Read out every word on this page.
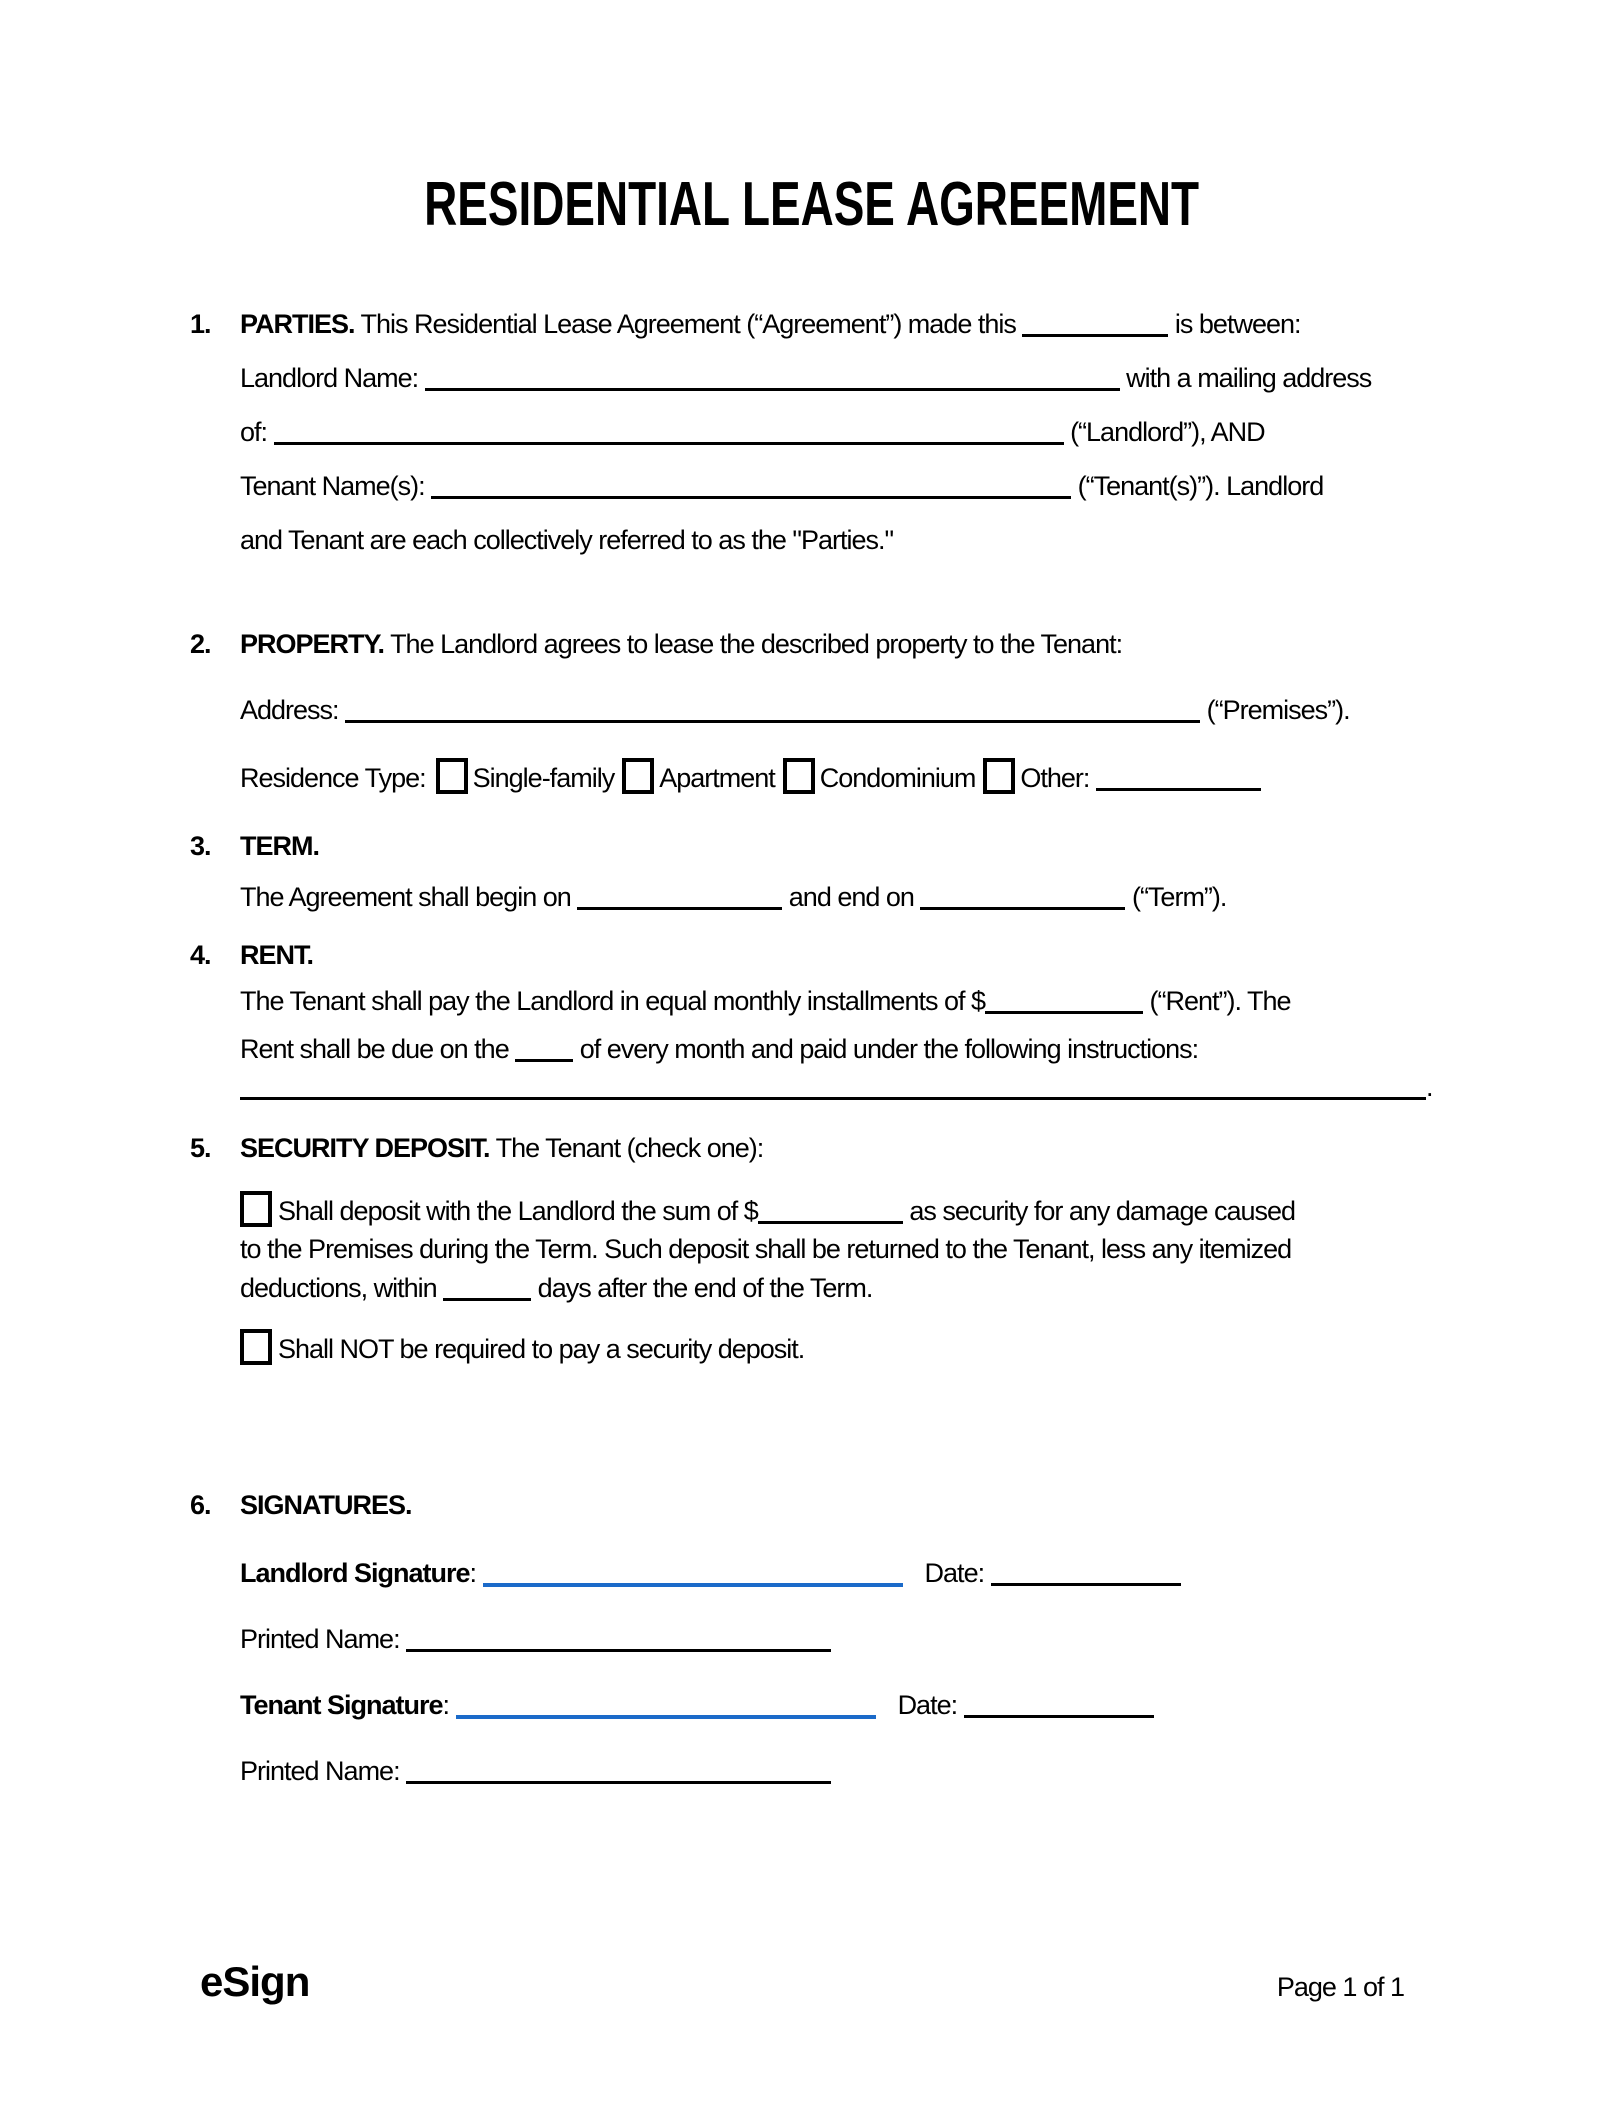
RESIDENTIAL LEASE AGREEMENT
1.	PARTIES. This Residential Lease Agreement (“Agreement”) made this	is between:
Landlord Name:	with a mailing address
of:	(“Landlord”), AND
Tenant Name(s):	(“Tenant(s)”). Landlord
and Tenant are each collectively referred to as the "Parties."
2.	PROPERTY. The Landlord agrees to lease the described property to the Tenant:
Address:	(“Premises”).
Residence Type: Single-family Apartment Condominium Other:
3.	TERM.
The Agreement shall begin on	and end on	(“Term”).
4.	RENT.
The Tenant shall pay the Landlord in equal monthly installments of $	(“Rent”). The
Rent shall be due on the	of every month and paid under the following instructions:
.
5.	SECURITY DEPOSIT. The Tenant (check one):
Shall deposit with the Landlord the sum of $	as security for any damage caused
to the Premises during the Term. Such deposit shall be returned to the Tenant, less any itemized
deductions, within	days after the end of the Term.
Shall NOT be required to pay a security deposit.
6.	SIGNATURES.
Landlord Signature:	Date:
Printed Name:
Tenant Signature:	Date:
Printed Name:
eSign	Page 1 of 1
